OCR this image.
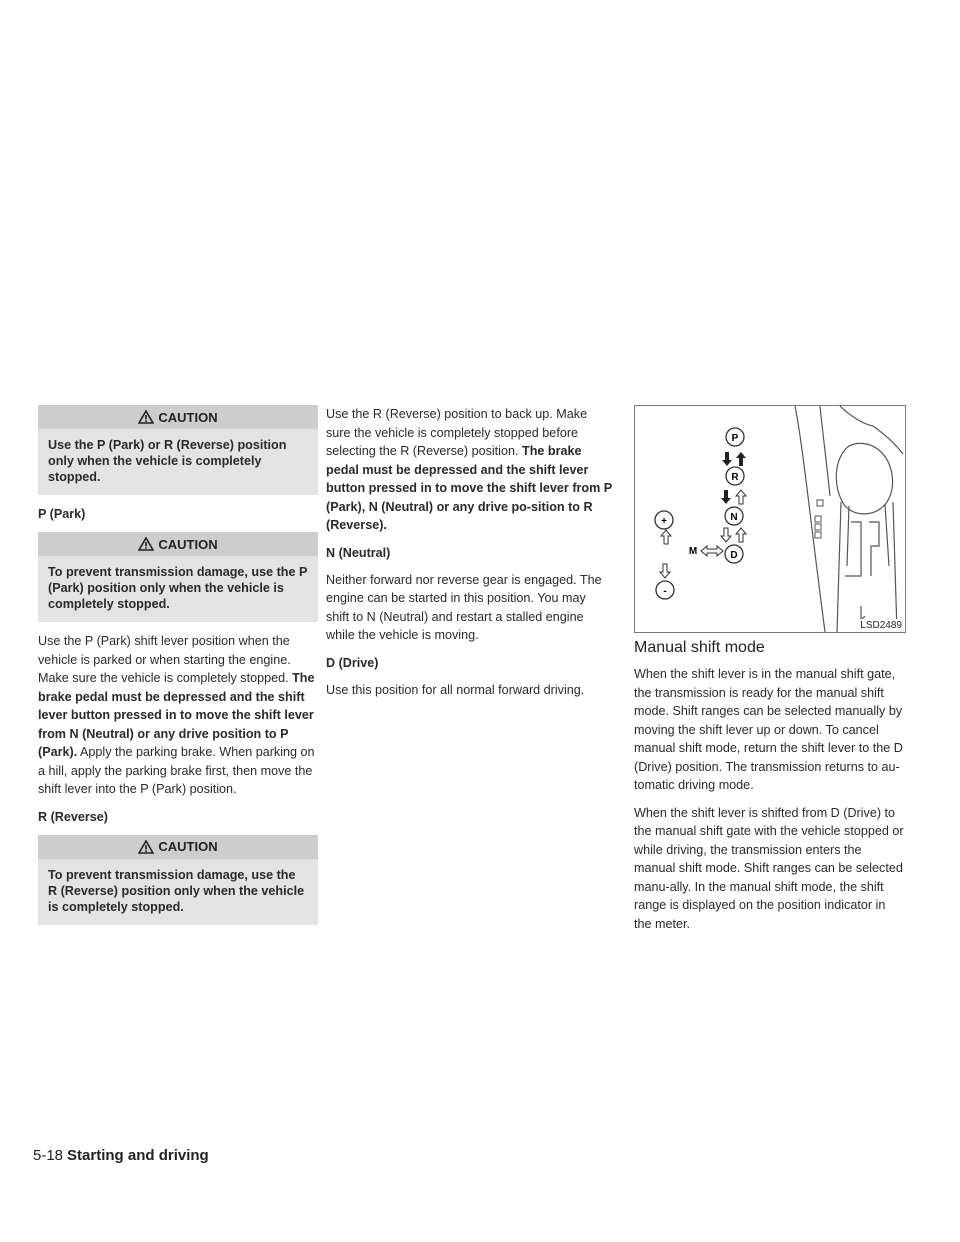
CAUTION
Use the P (Park) or R (Reverse) position only when the vehicle is completely stopped.
P (Park)
CAUTION
To prevent transmission damage, use the P (Park) position only when the vehicle is completely stopped.

Use the P (Park) shift lever position when the vehicle is parked or when starting the engine. Make sure the vehicle is completely stopped. The brake pedal must be depressed and the shift lever button pressed in to move the shift lever from N (Neutral) or any drive position to P (Park). Apply the parking brake. When parking on a hill, apply the parking brake first, then move the shift lever into the P (Park) position.

R (Reverse)
CAUTION
To prevent transmission damage, use the R (Reverse) position only when the vehicle is completely stopped.

Use the R (Reverse) position to back up. Make sure the vehicle is completely stopped before selecting the R (Reverse) position. The brake pedal must be depressed and the shift lever button pressed in to move the shift lever from P (Park), N (Neutral) or any drive po-sition to R (Reverse).

N (Neutral)

Neither forward nor reverse gear is engaged. The engine can be started in this position. You may shift to N (Neutral) and restart a stalled engine while the vehicle is moving.

D (Drive)

Use this position for all normal forward driving.

P
R
N
D
+
M
-
LSD2489
Manual shift mode

When the shift lever is in the manual shift gate, the transmission is ready for the manual shift mode. Shift ranges can be selected manually by moving the shift lever up or down. To cancel manual shift mode, return the shift lever to the D (Drive) position. The transmission returns to au-tomatic driving mode.

When the shift lever is shifted from D (Drive) to the manual shift gate with the vehicle stopped or while driving, the transmission enters the manual shift mode. Shift ranges can be selected manu-ally. In the manual shift mode, the shift range is displayed on the position indicator in the meter.

5-18 Starting and driving
